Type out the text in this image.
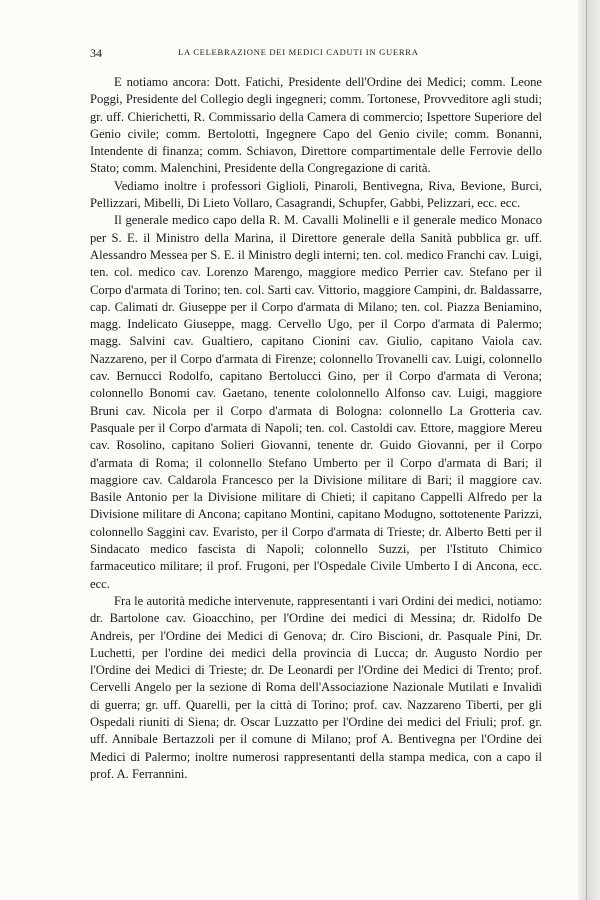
34	LA CELEBRAZIONE DEI MEDICI CADUTI IN GUERRA

E notiamo ancora: Dott. Fatichi, Presidente dell'Ordine dei Medici; comm. Leone Poggi, Presidente del Collegio degli ingegneri; comm. Tortonese, Provveditore agli studi; gr. uff. Chierichetti, R. Commissario della Camera di commercio; Ispettore Superiore del Genio civile; comm. Bertolotti, Ingegnere Capo del Genio civile; comm. Bonanni, Intendente di finanza; comm. Schiavon, Direttore compartimentale delle Ferrovie dello Stato; comm. Malenchini, Presidente della Congregazione di carità.

Vediamo inoltre i professori Giglioli, Pinaroli, Bentivegna, Riva, Bevione, Burci, Pellizzari, Mibelli, Di Lieto Vollaro, Casagrandi, Schupfer, Gabbi, Pelizzari, ecc. ecc.

Il generale medico capo della R. M. Cavalli Molinelli e il generale medico Monaco per S. E. il Ministro della Marina, il Direttore generale della Sanità pubblica gr. uff. Alessandro Messea per S. E. il Ministro degli interni; ten. col. medico Franchi cav. Luigi, ten. col. medico cav. Lorenzo Marengo, maggiore medico Perrier cav. Stefano per il Corpo d'armata di Torino; ten. col. Sarti cav. Vittorio, maggiore Campini, dr. Baldassarre, cap. Calimati dr. Giuseppe per il Corpo d'armata di Milano; ten. col. Piazza Beniamino, magg. Indelicato Giuseppe, magg. Cervello Ugo, per il Corpo d'armata di Palermo; magg. Salvini cav. Gualtiero, capitano Cionini cav. Giulio, capitano Vaiola cav. Nazzareno, per il Corpo d'armata di Firenze; colonnello Trovanelli cav. Luigi, colonnello cav. Bernucci Rodolfo, capitano Bertolucci Gino, per il Corpo d'armata di Verona; colonnello Bonomi cav. Gaetano, tenente cololonnello Alfonso cav. Luigi, maggiore Bruni cav. Nicola per il Corpo d'armata di Bologna: colonnello La Grotteria cav. Pasquale per il Corpo d'armata di Napoli; ten. col. Castoldi cav. Ettore, maggiore Mereu cav. Rosolino, capitano Solieri Giovanni, tenente dr. Guido Giovanni, per il Corpo d'armata di Roma; il colonnello Stefano Umberto per il Corpo d'armata di Bari; il maggiore cav. Caldarola Francesco per la Divisione militare di Bari; il maggiore cav. Basile Antonio per la Divisione militare di Chieti; il capitano Cappelli Alfredo per la Divisione militare di Ancona; capitano Montini, capitano Modugno, sottotenente Parizzi, colonnello Saggini cav. Evaristo, per il Corpo d'armata di Trieste; dr. Alberto Betti per il Sindacato medico fascista di Napoli; colonnello Suzzi, per l'Istituto Chimico farmaceutico militare; il prof. Frugoni, per l'Ospedale Civile Umberto I di Ancona, ecc. ecc.

Fra le autorità mediche intervenute, rappresentanti i vari Ordini dei medici, notiamo: dr. Bartolone cav. Gioacchino, per l'Ordine dei medici di Messina; dr. Ridolfo De Andreis, per l'Ordine dei Medici di Genova; dr. Ciro Biscioni, dr. Pasquale Pini, Dr. Luchetti, per l'ordine dei medici della provincia di Lucca; dr. Augusto Nordio per l'Ordine dei Medici di Trieste; dr. De Leonardi per l'Ordine dei Medici di Trento; prof. Cervelli Angelo per la sezione di Roma dell'Associazione Nazionale Mutilati e Invalidi di guerra; gr. uff. Quarelli, per la città di Torino; prof. cav. Nazzareno Tiberti, per gli Ospedali riuniti di Siena; dr. Oscar Luzzatto per l'Ordine dei medici del Friuli; prof. gr. uff. Annibale Bertazzoli per il comune di Milano; prof A. Bentivegna per l'Ordine dei Medici di Palermo; inoltre numerosi rappresentanti della stampa medica, con a capo il prof. A. Ferrannini.
